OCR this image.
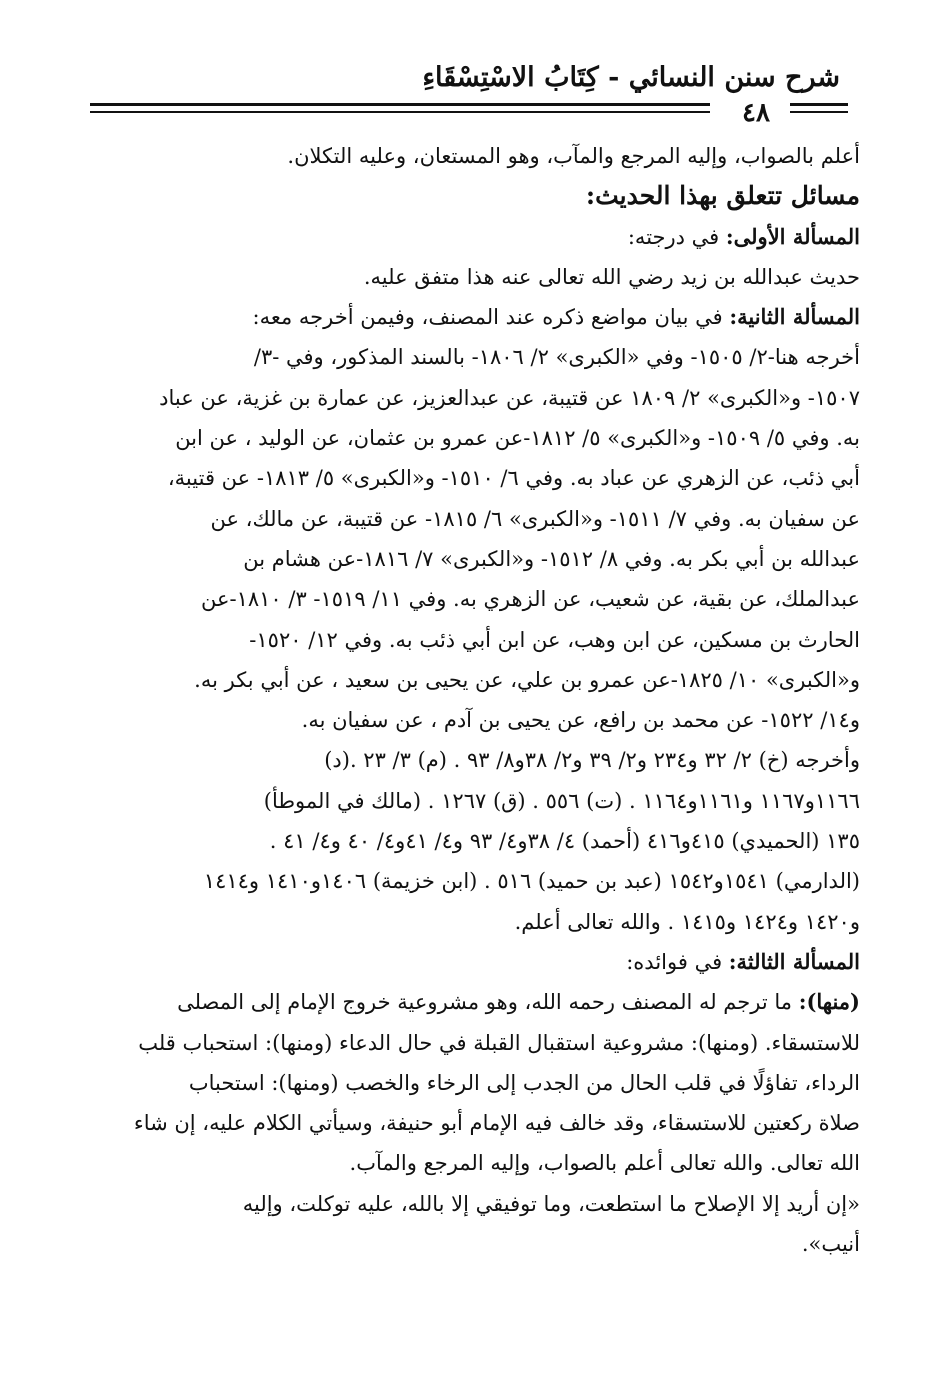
شرح سنن النسائي - كِتَابُ الاسْتِسْقَاءِ
٤٨
أعلم بالصواب، وإليه المرجع والمآب، وهو المستعان، وعليه التكلان.
مسائل تتعلق بهذا الحديث:
المسألة الأولى: في درجته:
حديث عبدالله بن زيد رضي الله تعالى عنه هذا متفق عليه.
المسألة الثانية: في بيان مواضع ذكره عند المصنف، وفيمن أخرجه معه:
أخرجه هنا-٢/ ١٥٠٥- وفي «الكبرى» ٢/ ١٨٠٦- بالسند المذكور، وفي -٣/
١٥٠٧- و«الكبرى» ٢/ ١٨٠٩ عن قتيبة، عن عبدالعزيز، عن عمارة بن غزية، عن عباد
به. وفي ٥/ ١٥٠٩- و«الكبرى» ٥/ ١٨١٢-عن عمرو بن عثمان، عن الوليد ، عن ابن
أبي ذئب، عن الزهري عن عباد به. وفي ٦/ ١٥١٠- و«الكبرى» ٥/ ١٨١٣- عن قتيبة،
عن سفيان به. وفي ٧/ ١٥١١- و«الكبرى» ٦/ ١٨١٥- عن قتيبة، عن مالك، عن
عبدالله بن أبي بكر به. وفي ٨/ ١٥١٢- و«الكبرى» ٧/ ١٨١٦-عن هشام بن
عبدالملك، عن بقية، عن شعيب، عن الزهري به. وفي ١١/ ١٥١٩- ٣/ ١٨١٠-عن
الحارث بن مسكين، عن ابن وهب، عن ابن أبي ذئب به. وفي ١٢/ ١٥٢٠-
و«الكبرى» ١٠/ ١٨٢٥-عن عمرو بن علي، عن يحيى بن سعيد ، عن أبي بكر به.
و١٤/ ١٥٢٢- عن محمد بن رافع، عن يحيى بن آدم ، عن سفيان به.
وأخرجه (خ) ٢/ ٣٢ و٢٣٤ و٢/ ٣٩ و٢/ ٣٨و٨/ ٩٣ . (م) ٣/ ٢٣ .(د)
١١٦٦و١١٦٧ و١١٦١و١١٦٤ . (ت) ٥٥٦ . (ق) ١٢٦٧ . (مالك في الموطأ)
١٣٥ (الحميدي) ٤١٥و٤١٦ (أحمد) ٤/ ٣٨و٤/ ٩٣ و٤/ ٤١و٤/ ٤٠ و٤/ ٤١ .
(الدارمي) ١٥٤١و١٥٤٢ (عبد بن حميد) ٥١٦ . (ابن خزيمة) ١٤٠٦و١٤١٠ و١٤١٤
و١٤٢٠ و١٤٢٤ و١٤١٥ . والله تعالى أعلم.
المسألة الثالثة: في فوائده:
(منها): ما ترجم له المصنف رحمه الله، وهو مشروعية خروج الإمام إلى المصلى
للاستسقاء. (ومنها): مشروعية استقبال القبلة في حال الدعاء (ومنها): استحباب قلب
الرداء، تفاؤلًا في قلب الحال من الجدب إلى الرخاء والخصب (ومنها): استحباب
صلاة ركعتين للاستسقاء، وقد خالف فيه الإمام أبو حنيفة، وسيأتي الكلام عليه، إن شاء
الله تعالى. والله تعالى أعلم بالصواب، وإليه المرجع والمآب.
«إن أريد إلا الإصلاح ما استطعت، وما توفيقي إلا بالله، عليه توكلت، وإليه
أنيب».
